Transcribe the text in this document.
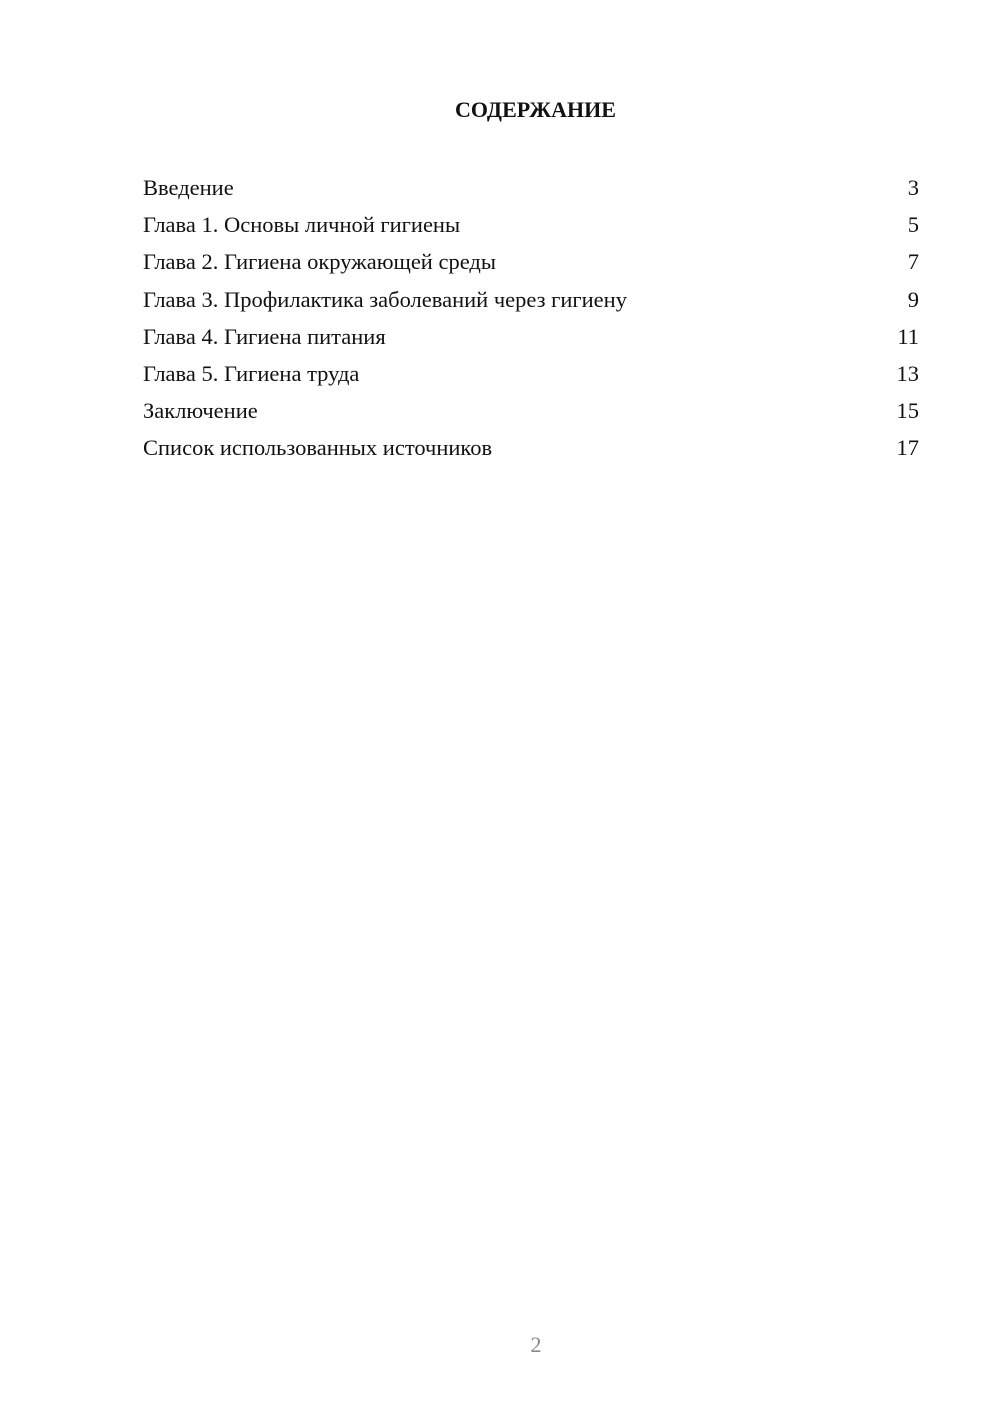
СОДЕРЖАНИЕ
Введение	3
Глава 1. Основы личной гигиены	5
Глава 2. Гигиена окружающей среды	7
Глава 3. Профилактика заболеваний через гигиену	9
Глава 4. Гигиена питания	11
Глава 5. Гигиена труда	13
Заключение	15
Список использованных источников	17
2
